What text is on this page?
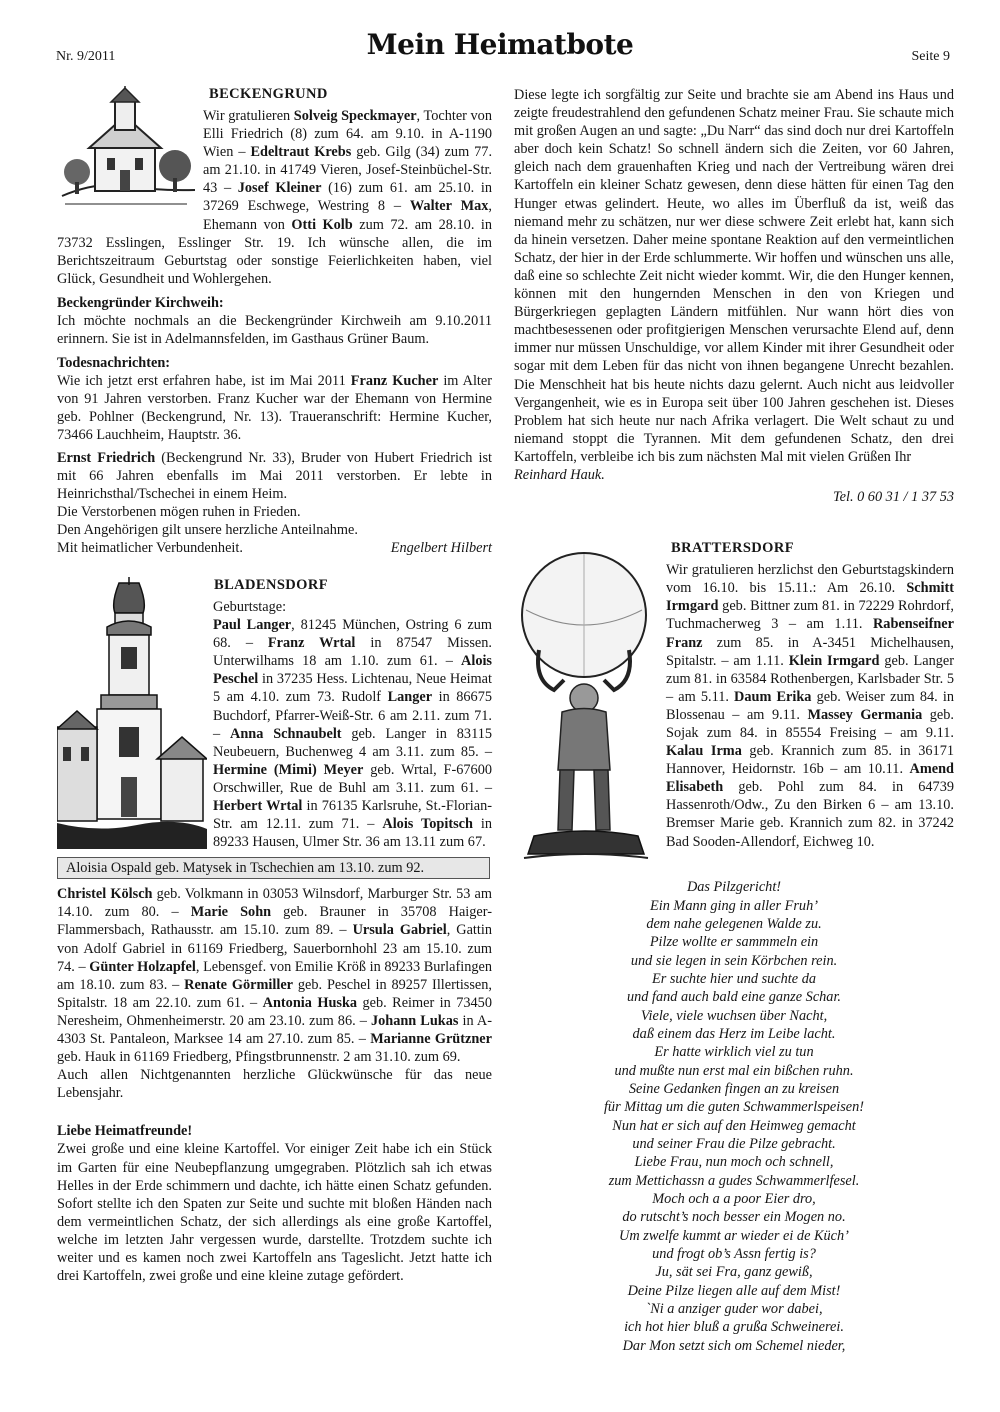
Nr. 9/2011	Mein Heimatbote	Seite 9
BECKENGRUND

Wir gratulieren Solveig Speckmayer, Tochter von Elli Friedrich (8) zum 64. am 9.10. in A-1190 Wien – Edeltraut Krebs geb. Gilg (34) zum 77. am 21.10. in 41749 Vieren, Josef-Steinbüchel-Str. 43 – Josef Kleiner (16) zum 61. am 25.10. in 37269 Eschwege, Westring 8 – Walter Max, Ehemann von Otti Kolb zum 72. am 28.10. in 73732 Esslingen, Esslinger Str. 19. Ich wünsche allen, die im Berichtszeitraum Geburtstag oder sonstige Feierlichkeiten haben, viel Glück, Gesundheit und Wohlergehen.

Beckengründer Kirchweih:

Ich möchte nochmals an die Beckengründer Kirchweih am 9.10.2011 erinnern. Sie ist in Adelmannsfelden, im Gasthaus Grüner Baum.

Todesnachrichten:

Wie ich jetzt erst erfahren habe, ist im Mai 2011 Franz Kucher im Alter von 91 Jahren verstorben. Franz Kucher war der Ehemann von Hermine geb. Pohlner (Beckengrund, Nr. 13). Traueranschrift: Hermine Kucher, 73466 Lauchheim, Hauptstr. 36.

Ernst Friedrich (Beckengrund Nr. 33), Bruder von Hubert Friedrich ist mit 66 Jahren ebenfalls im Mai 2011 verstorben. Er lebte in Heinrichsthal/Tschechei in einem Heim.

Die Verstorbenen mögen ruhen in Frieden.

Den Angehörigen gilt unsere herzliche Anteilnahme.

Mit heimatlicher Verbundenheit.	Engelbert Hilbert
BLADENSDORF

Geburtstage:

Paul Langer, 81245 München, Ostring 6 zum 68. – Franz Wrtal in 87547 Missen. Unterwilhams 18 am 1.10. zum 61. – Alois Peschel in 37235 Hess. Lichtenau, Neue Heimat 5 am 4.10. zum 73. Rudolf Langer in 86675 Buchdorf, Pfarrer-Weiß-Str. 6 am 2.11. zum 71. – Anna Schnaubelt geb. Langer in 83115 Neubeuern, Buchenweg 4 am 3.11. zum 85. – Hermine (Mimi) Meyer geb. Wrtal, F-67600 Orschwiller, Rue de Buhl am 3.11. zum 61. – Herbert Wrtal in 76135 Karlsruhe, St.-Florian-Str. am 12.11. zum 71. – Alois Topitsch in 89233 Hausen, Ulmer Str. 36 am 13.11 zum 67.

Aloisia Ospald geb. Matysek in Tschechien am 13.10. zum 92.

Christel Kölsch geb. Volkmann in 03053 Wilnsdorf, Marburger Str. 53 am 14.10. zum 80. – Marie Sohn geb. Brauner in 35708 Haiger-Flammersbach, Rathausstr. am 15.10. zum 89. – Ursula Gabriel, Gattin von Adolf Gabriel in 61169 Friedberg, Sauerbornhohl 23 am 15.10. zum 74. – Günter Holzapfel, Lebensgef. von Emilie Kröß in 89233 Burlafingen am 18.10. zum 83. – Renate Görmiller geb. Peschel in 89257 Illertissen, Spitalstr. 18 am 22.10. zum 61. – Antonia Huska geb. Reimer in 73450 Neresheim, Ohmenheimerstr. 20 am 23.10. zum 86. – Johann Lukas in A-4303 St. Pantaleon, Marksee 14 am 27.10. zum 85. – Marianne Grützner geb. Hauk in 61169 Friedberg, Pfingstbrunnenstr. 2 am 31.10. zum 69.

Auch allen Nichtgenannten herzliche Glückwünsche für das neue Lebensjahr.

Liebe Heimatfreunde!

Zwei große und eine kleine Kartoffel. Vor einiger Zeit habe ich ein Stück im Garten für eine Neubepflanzung umgegraben. Plötzlich sah ich etwas Helles in der Erde schimmern und dachte, ich hätte einen Schatz gefunden. Sofort stellte ich den Spaten zur Seite und suchte mit bloßen Händen nach dem vermeintlichen Schatz, der sich allerdings als eine große Kartoffel, welche im letzten Jahr vergessen wurde, darstellte. Trotzdem suchte ich weiter und es kamen noch zwei Kartoffeln ans Tageslicht. Jetzt hatte ich drei Kartoffeln, zwei große und eine kleine zutage gefördert.

Diese legte ich sorgfältig zur Seite und brachte sie am Abend ins Haus und zeigte freudestrahlend den gefundenen Schatz meiner Frau. Sie schaute mich mit großen Augen an und sagte: „Du Narr“ das sind doch nur drei Kartoffeln aber doch kein Schatz! So schnell ändern sich die Zeiten, vor 60 Jahren, gleich nach dem grauenhaften Krieg und nach der Vertreibung wären drei Kartoffeln ein kleiner Schatz gewesen, denn diese hätten für einen Tag den Hunger etwas gelindert. Heute, wo alles im Überfluß da ist, weiß das niemand mehr zu schätzen, nur wer diese schwere Zeit erlebt hat, kann sich da hinein versetzen. Daher meine spontane Reaktion auf den vermeintlichen Schatz, der hier in der Erde schlummerte. Wir hoffen und wünschen uns alle, daß eine so schlechte Zeit nicht wieder kommt. Wir, die den Hunger kennen, können mit den hungernden Menschen in den von Kriegen und Bürgerkriegen geplagten Ländern mitfühlen. Nur wann hört dies von machtbesessenen oder profitgierigen Menschen verursachte Elend auf, denn immer nur müssen Unschuldige, vor allem Kinder mit ihrer Gesundheit oder sogar mit dem Leben für das nicht von ihnen begangene Unrecht bezahlen. Die Menschheit hat bis heute nichts dazu gelernt. Auch nicht aus leidvoller Vergangenheit, wie es in Europa seit über 100 Jahren geschehen ist. Dieses Problem hat sich heute nur nach Afrika verlagert. Die Welt schaut zu und niemand stoppt die Tyrannen. Mit dem gefundenen Schatz, den drei Kartoffeln, verbleibe ich bis zum nächsten Mal mit vielen Grüßen Ihr

Reinhard Hauk.

Tel. 0 60 31 / 1 37 53

BRATTERSDORF

Wir gratulieren herzlichst den Geburtstagskindern vom 16.10. bis 15.11.: Am 26.10. Schmitt Irmgard geb. Bittner zum 81. in 72229 Rohrdorf, Tuchmacherweg 3 – am 1.11. Rabenseifner Franz zum 85. in A-3451 Michelhausen, Spitalstr. – am 1.11. Klein Irmgard geb. Langer zum 81. in 63584 Rothenbergen, Karlsbader Str. 5 – am 5.11. Daum Erika geb. Weiser zum 84. in Blossenau – am 9.11. Massey Germania geb. Sojak zum 84. in 85554 Freising – am 9.11. Kalau Irma geb. Krannich zum 85. in 36171 Hannover, Heidornstr. 16b – am 10.11. Amend Elisabeth geb. Pohl zum 84. in 64739 Hassenroth/Odw., Zu den Birken 6 – am 13.10. Bremser Marie geb. Krannich zum 82. in 37242 Bad Sooden-Allendorf, Eichweg 10.

Das Pilzgericht!
Ein Mann ging in aller Fruh’
dem nahe gelegenen Walde zu.
Pilze wollte er sammmeln ein
und sie legen in sein Körbchen rein.
Er suchte hier und suchte da
und fand auch bald eine ganze Schar.
Viele, viele wuchsen über Nacht,
daß einem das Herz im Leibe lacht.
Er hatte wirklich viel zu tun
und mußte nun erst mal ein bißchen ruhn.
Seine Gedanken fingen an zu kreisen
für Mittag um die guten Schwammerlspeisen!
Nun hat er sich auf den Heimweg gemacht
und seiner Frau die Pilze gebracht.
Liebe Frau, nun moch och schnell,
zum Mettichassn a gudes Schwammerlfesel.
Moch och a a poor Eier dro,
do rutscht’s noch besser ein Mogen no.
Um zwelfe kummt ar wieder ei de Küch’
und frogt ob’s Assn fertig is?
Ju, sät sei Fra, ganz gewiß,
Deine Pilze liegen alle auf dem Mist!
`Ni a anziger guder wor dabei,
ich hot hier bluß a grußa Schweinerei.
Dar Mon setzt sich om Schemel nieder,
